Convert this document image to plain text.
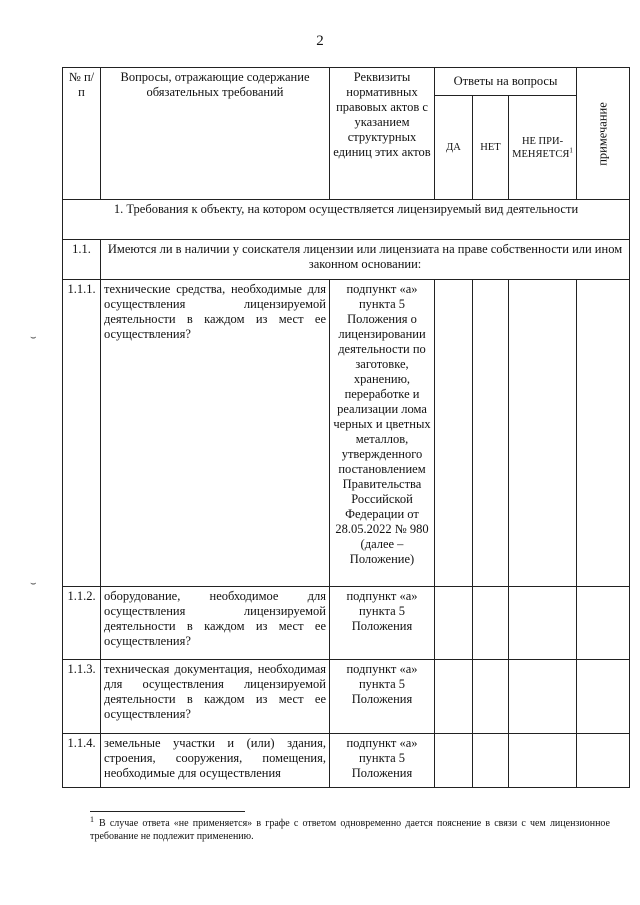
2
№ п/п	Вопросы, отражающие содержание обязательных требований	Реквизиты нормативных правовых актов с указанием структурных единиц этих актов	Ответы на вопросы			примечание

			ДА	НЕТ	НЕ ПРИ-МЕНЯЕТСЯ$^1$
1. Требования к объекту, на котором осуществляется лицензируемый вид деятельности						
1.1.	Имеются ли в наличии у соискателя лицензии или лицензиата на праве собственности или ином законном основании:					
1.1.1.	технические средства, необходимые для осуществления лицензируемой деятельности в каждом из мест ее осуществления?	подпункт «а» пункта 5 Положения о лицензировании деятельности по заготовке, хранению, переработке и реализации лома черных и цветных металлов, утвержденного постановлением Правительства Российской Федерации от 28.05.2022 № 980 (далее – Положение)				
1.1.2.	оборудование, необходимое для осуществления лицензируемой деятельности в каждом из мест ее осуществления?	подпункт «а» пункта 5 Положения				
1.1.3.	техническая документация, необходимая для осуществления лицензируемой деятельности в каждом из мест ее осуществления?	подпункт «а» пункта 5 Положения				
1.1.4.	земельные участки и (или) здания, строения, сооружения, помещения, необходимые для осуществления	подпункт «а» пункта 5 Положения				
$^1$ В случае ответа «не применяется» в графе с ответом одновременно дается пояснение в связи с чем лицензионное требование не подлежит применению.
⌣
⌣
